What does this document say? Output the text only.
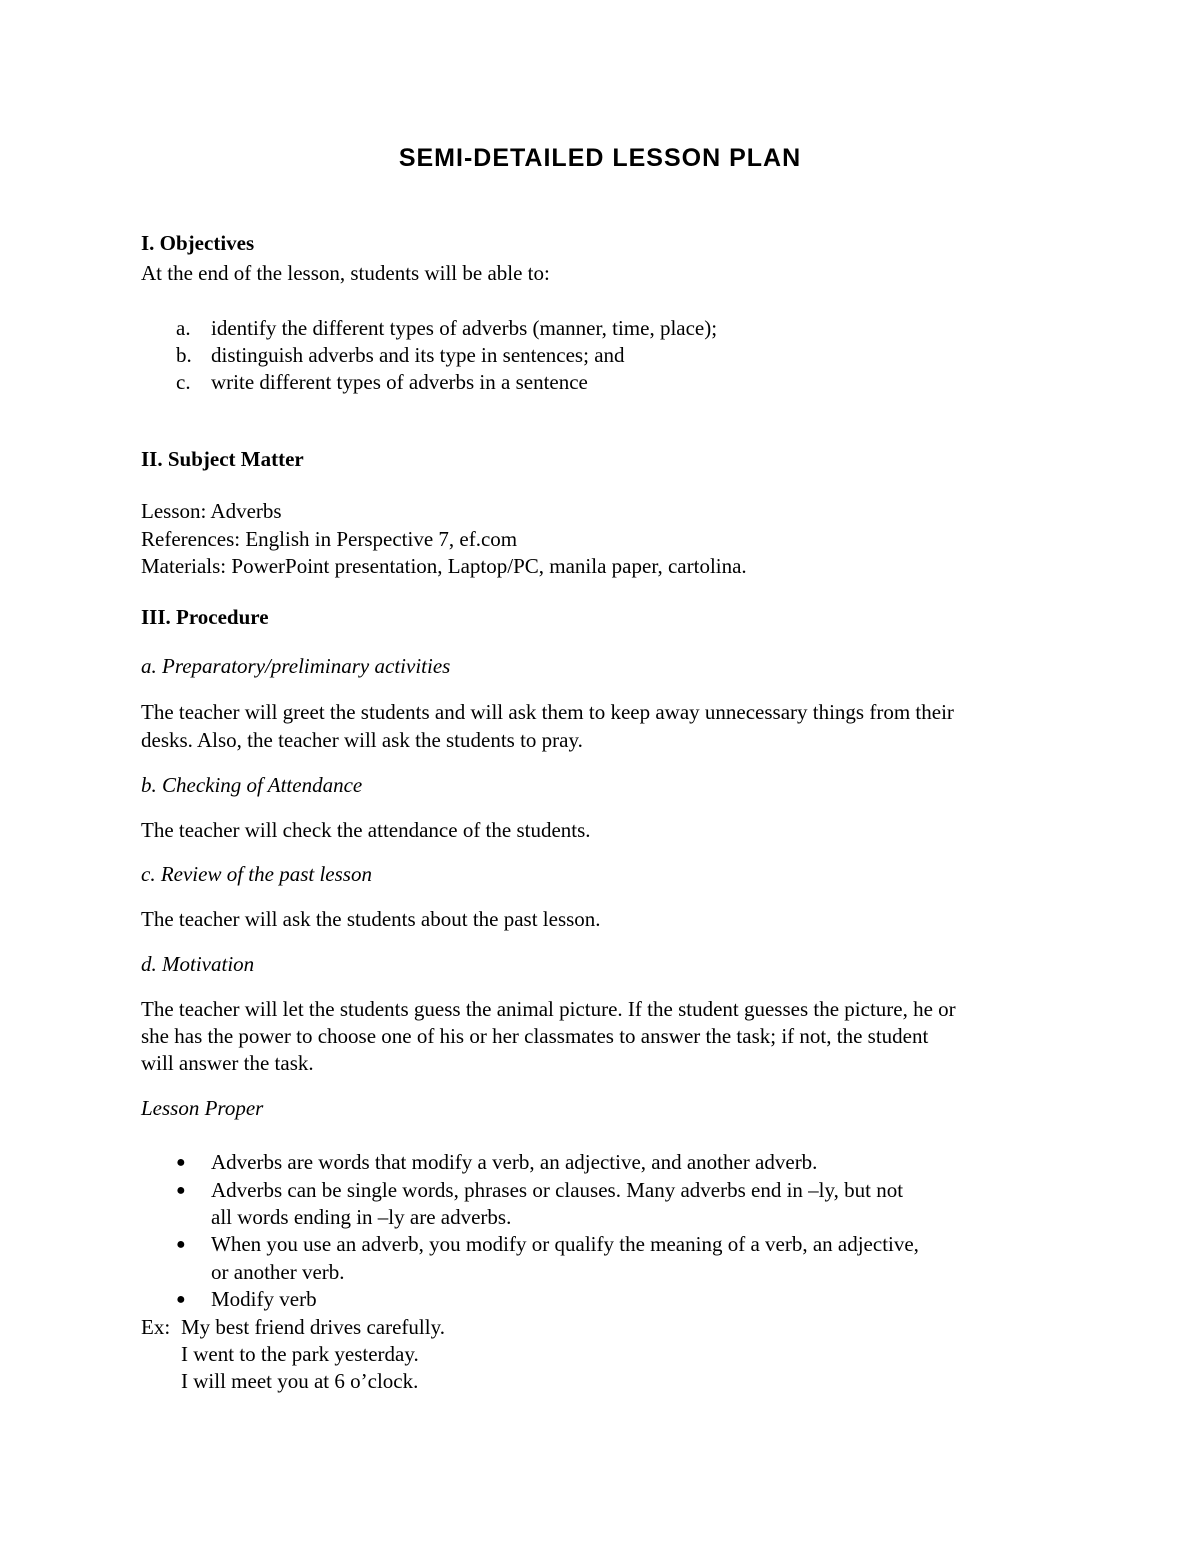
SEMI-DETAILED LESSON PLAN
I. Objectives
At the end of the lesson, students will be able to:
a. identify the different types of adverbs (manner, time, place);
b. distinguish adverbs and its type in sentences; and
c. write different types of adverbs in a sentence
II. Subject Matter
Lesson: Adverbs
References: English in Perspective 7, ef.com
Materials: PowerPoint presentation, Laptop/PC, manila paper, cartolina.
III. Procedure
a. Preparatory/preliminary activities
The teacher will greet the students and will ask them to keep away unnecessary things from their
desks. Also, the teacher will ask the students to pray.
b. Checking of Attendance
The teacher will check the attendance of the students.
c. Review of the past lesson
The teacher will ask the students about the past lesson.
d. Motivation
The teacher will let the students guess the animal picture. If the student guesses the picture, he or
she has the power to choose one of his or her classmates to answer the task; if not, the student
will answer the task.
Lesson Proper
● Adverbs are words that modify a verb, an adjective, and another adverb.
● Adverbs can be single words, phrases or clauses. Many adverbs end in –ly, but not
all words ending in –ly are adverbs.
● When you use an adverb, you modify or qualify the meaning of a verb, an adjective,
or another verb.
● Modify verb
Ex: My best friend drives carefully.
I went to the park yesterday.
I will meet you at 6 o’clock.
